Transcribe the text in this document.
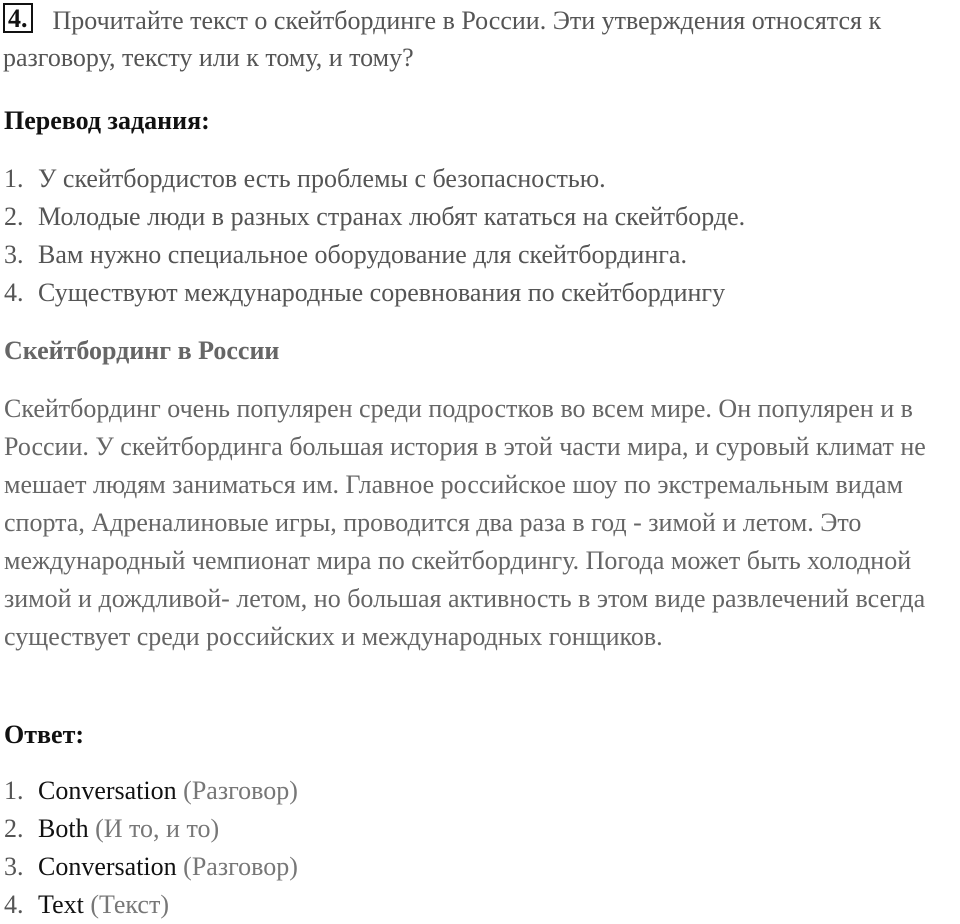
4. Прочитайте текст о скейтбординге в России. Эти утверждения относятся к разговору, тексту или к тому, и тому?
Перевод задания:
1. У скейтбордистов есть проблемы с безопасностью.
2. Молодые люди в разных странах любят кататься на скейтборде.
3. Вам нужно специальное оборудование для скейтбординга.
4. Существуют международные соревнования по скейтбордингу
Скейтбординг в России
Скейтбординг очень популярен среди подростков во всем мире. Он популярен и в России. У скейтбординга большая история в этой части мира, и суровый климат не мешает людям заниматься им. Главное российское шоу по экстремальным видам спорта, Адреналиновые игры, проводится два раза в год - зимой и летом. Это международный чемпионат мира по скейтбордингу. Погода может быть холодной зимой и дождливой- летом, но большая активность в этом виде развлечений всегда существует среди российских и международных гонщиков.
Ответ:
1. Conversation (Разговор)
2. Both (И то, и то)
3. Conversation (Разговор)
4. Text (Текст)
